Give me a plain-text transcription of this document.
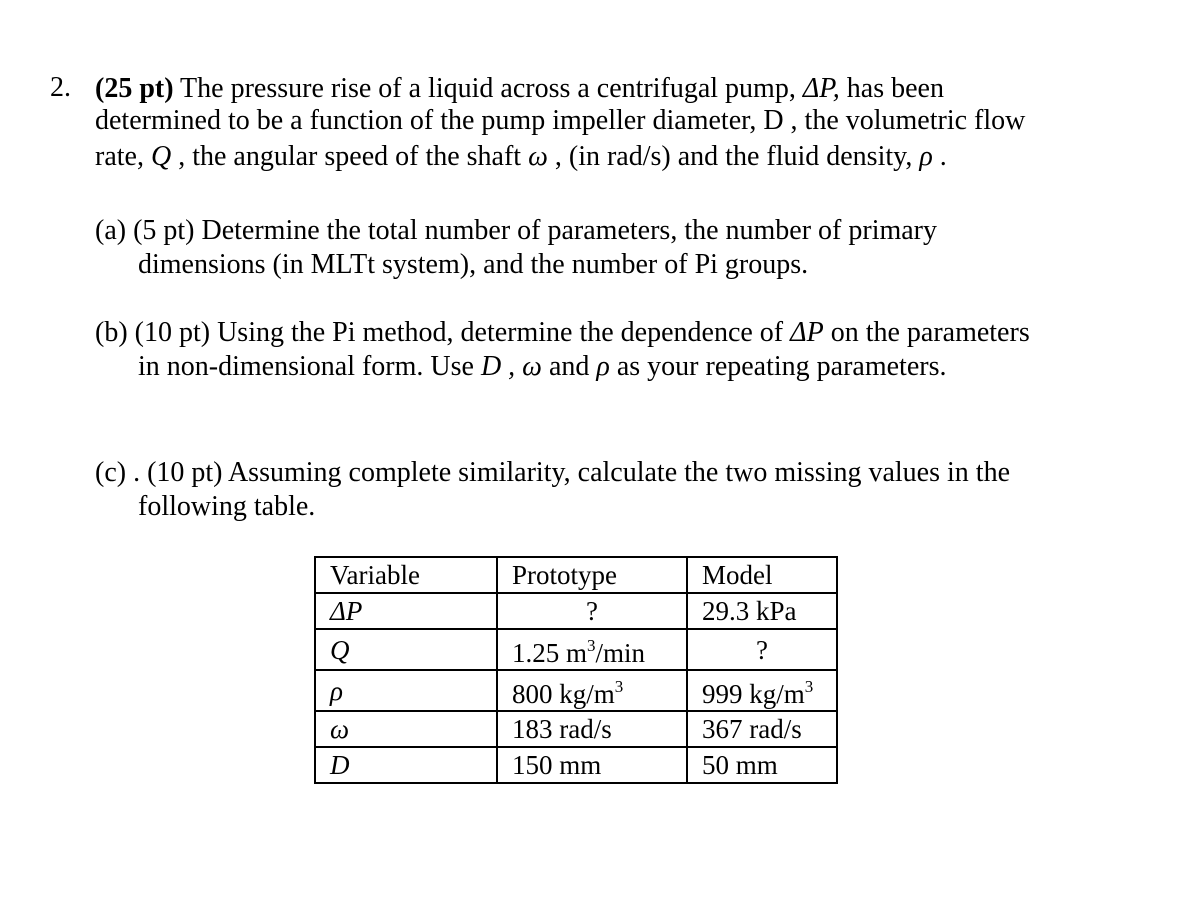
2. (25 pt) The pressure rise of a liquid across a centrifugal pump, ΔP, has been
determined to be a function of the pump impeller diameter, D , the volumetric flow
rate, Q , the angular speed of the shaft ω , (in rad/s) and the fluid density, ρ .
(a) (5 pt) Determine the total number of parameters, the number of primary
dimensions (in MLTt system), and the number of Pi groups.
(b) (10 pt) Using the Pi method, determine the dependence of ΔP on the parameters
in non-dimensional form. Use D , ω and ρ as your repeating parameters.
(c) . (10 pt) Assuming complete similarity, calculate the two missing values in the
following table.
Variable	Prototype	Model
ΔP	?	29.3 kPa
Q	1.25 $m^3/\min$	?
ρ	800 $kg/m^3$	999 $kg/m^3$
ω	183 rad/s	367 rad/s
D	150 mm	50 mm
